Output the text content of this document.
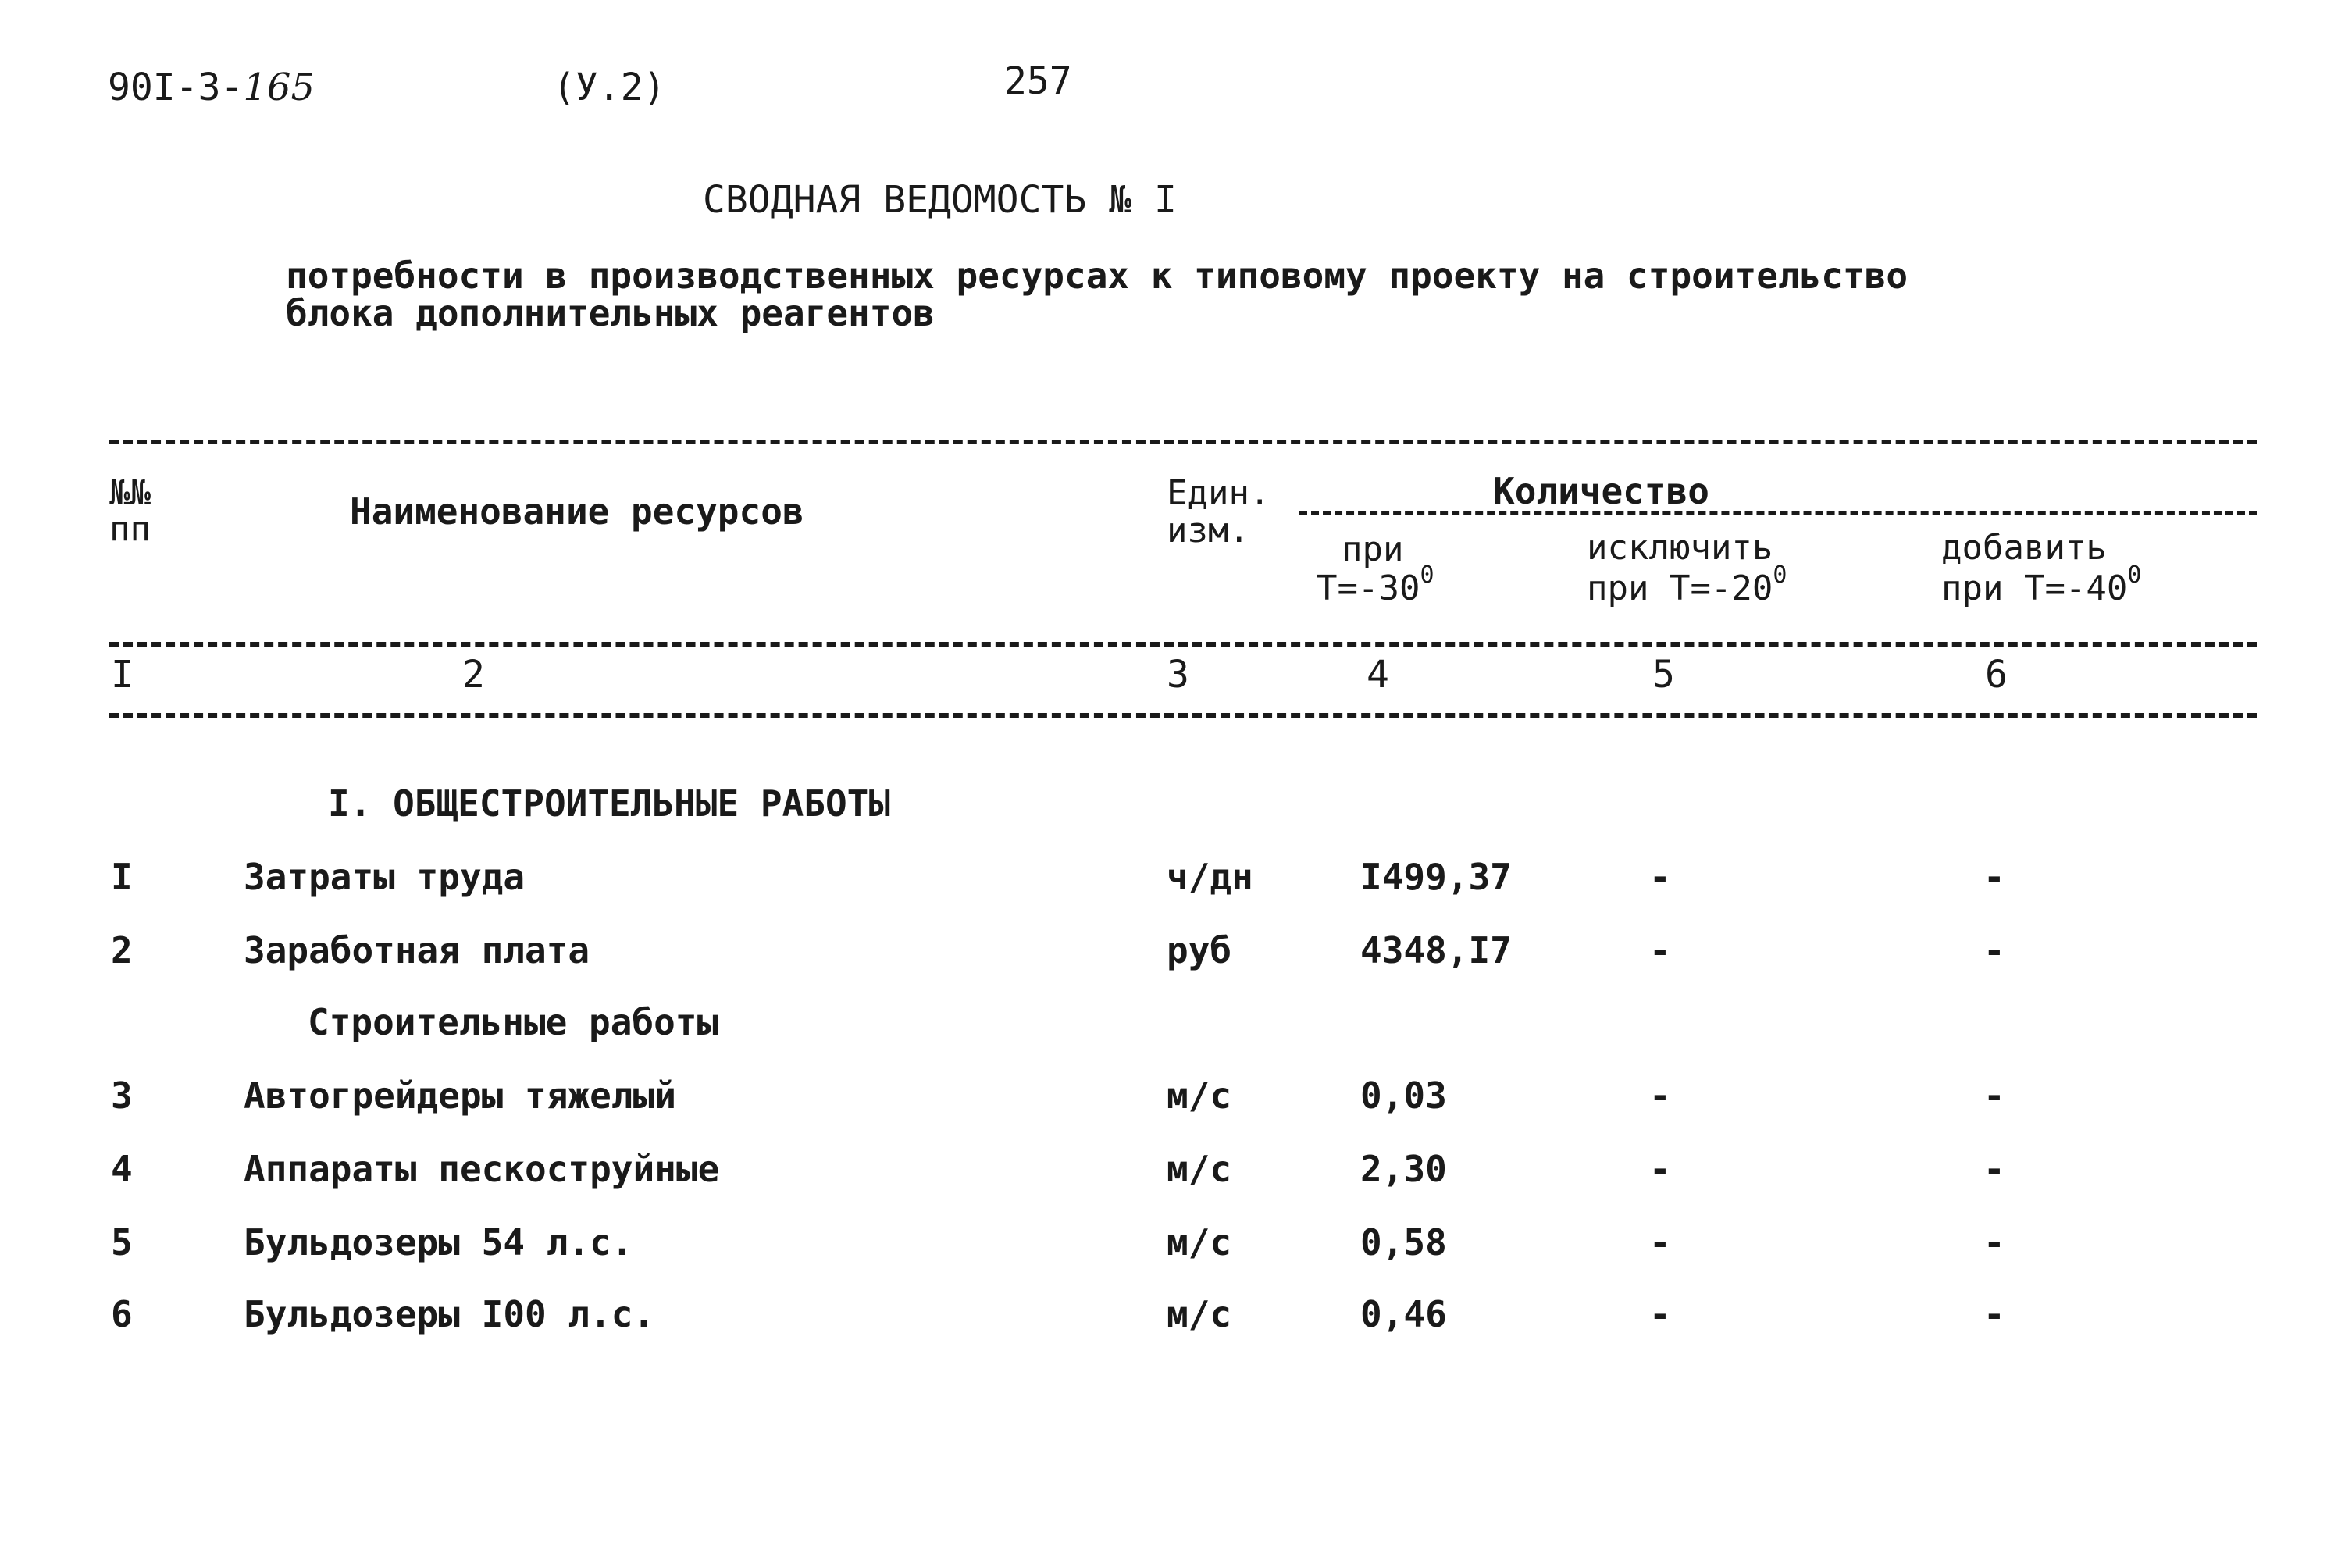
90I-3-165	(У.2)	257
СВОДНАЯ ВЕДОМОСТЬ № I
потребности в производственных ресурсах к типовому проекту на строительство
блока дополнительных реагентов
№№
пп	Наименование ресурсов	Един.
изм.
Количество
при
$Т=-30^0$
исключить
при $Т=-20^0$
добавить
при $Т=-40^0$
I	2	3	4	5	6
I. ОБЩЕСТРОИТЕЛЬНЫЕ РАБОТЫ
Строительные работы
I	Затраты труда	ч/дн	I499,37	-	-
2	Заработная плата	руб	4348,I7	-	-
3	Автогрейдеры тяжелый	м/с	0,03	-	-
4	Аппараты пескоструйные	м/с	2,30	-	-
5	Бульдозеры 54 л.с.	м/с	0,58	-	-
6	Бульдозеры I00 л.с.	м/с	0,46	-	-
